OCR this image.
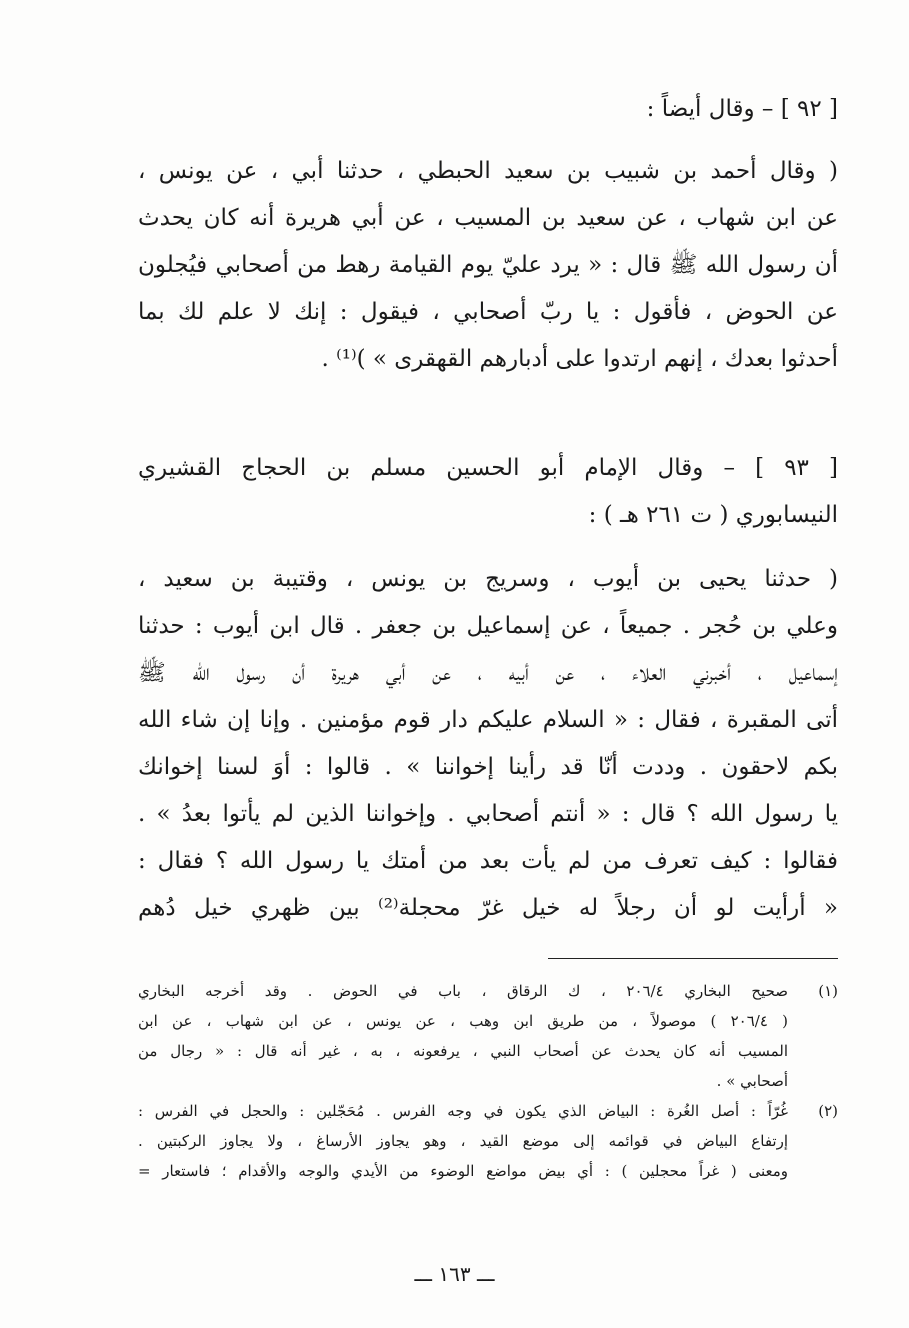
[ ٩٢ ] – وقال أيضاً :
( وقال أحمد بن شبيب بن سعيد الحبطي ، حدثنا أبي ، عن يونس ،
عن ابن شهاب ، عن سعيد بن المسيب ، عن أبي هريرة أنه كان يحدث
أن رسول الله ﷺ قال : « يرد عليّ يوم القيامة رهط من أصحابي فيُجلون
عن الحوض ، فأقول : يا ربّ أصحابي ، فيقول : إنك لا علم لك بما
أحدثوا بعدك ، إنهم ارتدوا على أدبارهم القهقرى » )⁽¹⁾ .
[ ٩٣ ] – وقال الإمام أبو الحسين مسلم بن الحجاج القشيري
النيسابوري ( ت ٢٦١ هـ ) :
( حدثنا يحيى بن أيوب ، وسريج بن يونس ، وقتيبة بن سعيد ،
وعلي بن حُجر . جميعاً ، عن إسماعيل بن جعفر . قال ابن أيوب : حدثنا
إسماعيل ، أخبرني العلاء ، عن أبيه ، عن أبي هريرة أن رسول الله ﷺ
أتى المقبرة ، فقال : « السلام عليكم دار قوم مؤمنين . وإنا إن شاء الله
بكم لاحقون . وددت أنّا قد رأينا إخواننا » . قالوا : أوَ لسنا إخوانك
يا رسول الله ؟ قال : « أنتم أصحابي . وإخواننا الذين لم يأتوا بعدُ » .
فقالوا : كيف تعرف من لم يأت بعد من أمتك يا رسول الله ؟ فقال :
« أرأيت لو أن رجلاً له خيل غرّ محجلة⁽²⁾ بين ظهري خيل دُهم
(١)
صحيح البخاري ٢٠٦/٤ ، ك الرقاق ، باب في الحوض . وقد أخرجه البخاري
( ٢٠٦/٤ ) موصولاً ، من طريق ابن وهب ، عن يونس ، عن ابن شهاب ، عن ابن
المسيب أنه كان يحدث عن أصحاب النبي ، يرفعونه ، به ، غير أنه قال : « رجال من
أصحابي » .
(٢)
غُرّاً : أصل الغُرة : البياض الذي يكون في وجه الفرس . مُحَجّلين : والحجل في الفرس :
إرتفاع البياض في قوائمه إلى موضع القيد ، وهو يجاوز الأرساغ ، ولا يجاوز الركبتين .
ومعنى ( غراً محجلين ) : أي بيض مواضع الوضوء من الأيدي والوجه والأقدام ؛ فاستعار =
ـــ ١٦٣ ـــ
